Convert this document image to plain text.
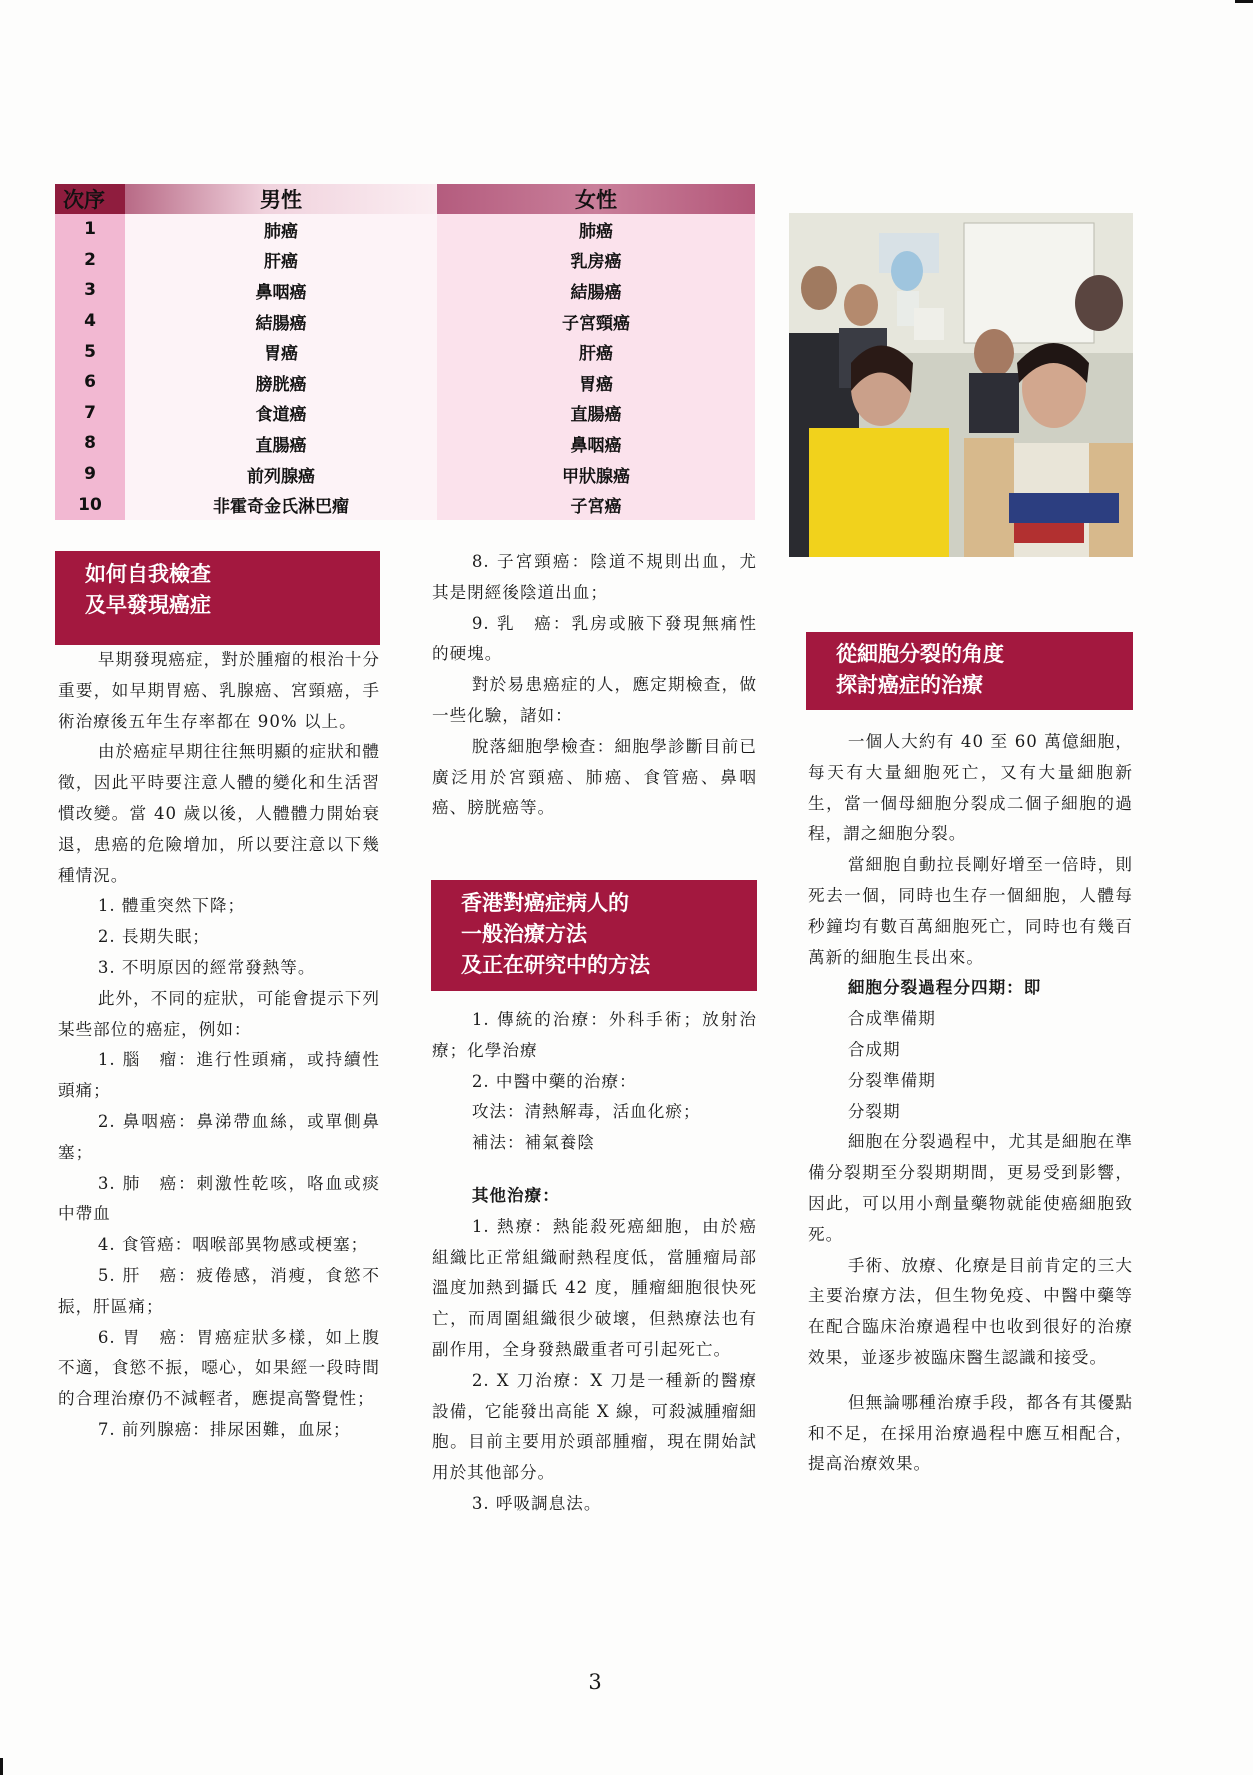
次序	男性	女性
1	肺癌	肺癌
2	肝癌	乳房癌
3	鼻咽癌	結腸癌
4	結腸癌	子宮頸癌
5	胃癌	肝癌
6	膀胱癌	胃癌
7	食道癌	直腸癌
8	直腸癌	鼻咽癌
9	前列腺癌	甲狀腺癌
10	非霍奇金氏淋巴瘤	子宮癌
如何自我檢查
及早發現癌症

早期發現癌症，對於腫瘤的根治十分重要，如早期胃癌、乳腺癌、宮頸癌，手術治療後五年生存率都在 90% 以上。

由於癌症早期往往無明顯的症狀和體徵，因此平時要注意人體的變化和生活習慣改變。當 40 歲以後，人體體力開始衰退，患癌的危險增加，所以要注意以下幾種情況。

1. 體重突然下降；

2. 長期失眠；

3. 不明原因的經常發熱等。

此外，不同的症狀，可能會提示下列某些部位的癌症，例如：

1. 腦　瘤：進行性頭痛，或持續性頭痛；

2. 鼻咽癌：鼻涕帶血絲，或單側鼻塞；

3. 肺　癌：刺激性乾咳，咯血或痰中帶血

4. 食管癌：咽喉部異物感或梗塞；

5. 肝　癌：疲倦感，消瘦，食慾不振，肝區痛；

6. 胃　癌：胃癌症狀多樣，如上腹不適，食慾不振，噁心，如果經一段時間的合理治療仍不減輕者，應提高警覺性；

7. 前列腺癌：排尿困難，血尿；

8. 子宮頸癌：陰道不規則出血，尤其是閉經後陰道出血；

9. 乳　癌：乳房或腋下發現無痛性的硬塊。

對於易患癌症的人，應定期檢查，做一些化驗，諸如：

脫落細胞學檢查：細胞學診斷目前已廣泛用於宮頸癌、肺癌、食管癌、鼻咽癌、膀胱癌等。

香港對癌症病人的
一般治療方法
及正在研究中的方法

1. 傳統的治療：外科手術；放射治療；化學治療

2. 中醫中藥的治療：

攻法：清熱解毒，活血化瘀；

補法：補氣養陰

其他治療：

1. 熱療：熱能殺死癌細胞，由於癌組織比正常組織耐熱程度低，當腫瘤局部溫度加熱到攝氏 42 度，腫瘤細胞很快死亡，而周圍組織很少破壞，但熱療法也有副作用，全身發熱嚴重者可引起死亡。

2. X 刀治療：X 刀是一種新的醫療設備，它能發出高能 X 線，可殺滅腫瘤細胞。目前主要用於頭部腫瘤，現在開始試用於其他部分。

3. 呼吸調息法。

從細胞分裂的角度
探討癌症的治療

一個人大約有 40 至 60 萬億細胞，每天有大量細胞死亡，又有大量細胞新生，當一個母細胞分裂成二個子細胞的過程，謂之細胞分裂。

當細胞自動拉長剛好增至一倍時，則死去一個，同時也生存一個細胞，人體每秒鐘均有數百萬細胞死亡，同時也有幾百萬新的細胞生長出來。

細胞分裂過程分四期：即

合成準備期

合成期

分裂準備期

分裂期

細胞在分裂過程中，尤其是細胞在準備分裂期至分裂期期間，更易受到影響，因此，可以用小劑量藥物就能使癌細胞致死。

手術、放療、化療是目前肯定的三大主要治療方法，但生物免疫、中醫中藥等在配合臨床治療過程中也收到很好的治療效果，並逐步被臨床醫生認識和接受。

但無論哪種治療手段，都各有其優點和不足，在採用治療過程中應互相配合，提高治療效果。

3
